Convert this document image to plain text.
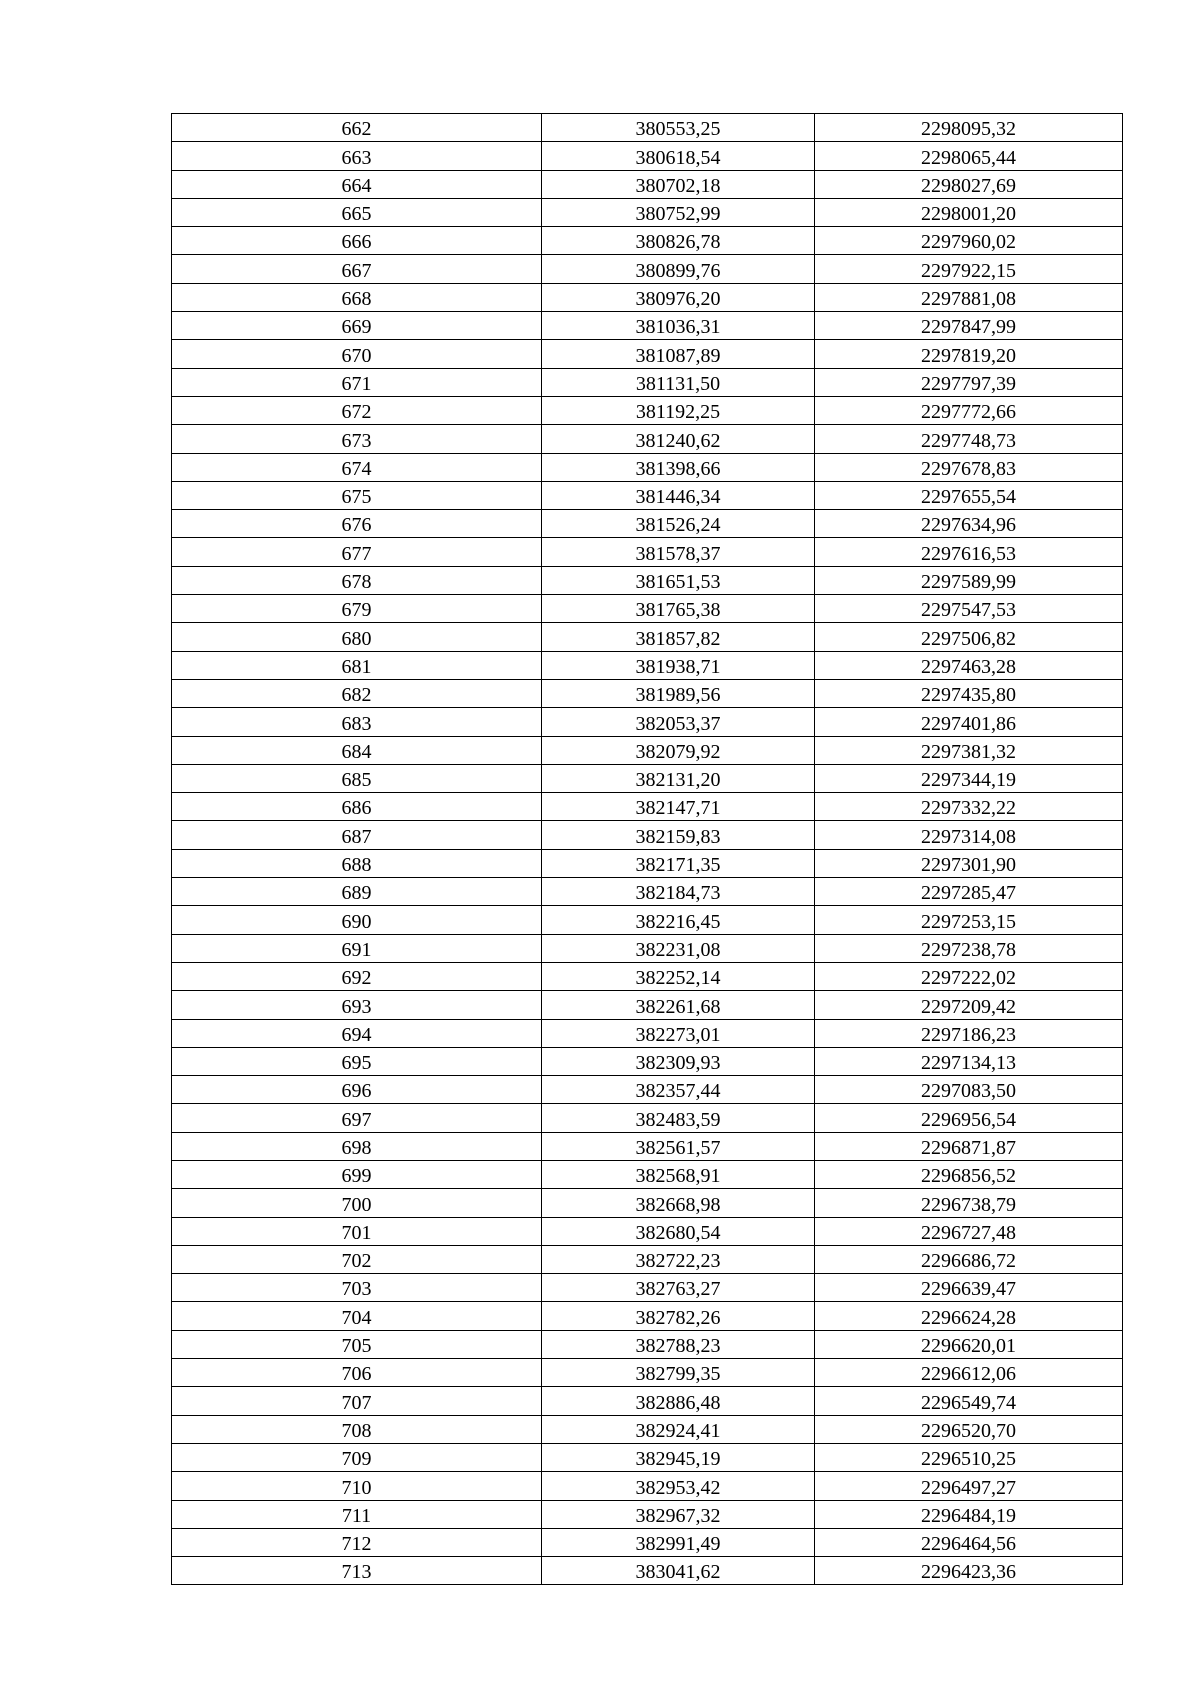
662	380553,25	2298095,32
663	380618,54	2298065,44
664	380702,18	2298027,69
665	380752,99	2298001,20
666	380826,78	2297960,02
667	380899,76	2297922,15
668	380976,20	2297881,08
669	381036,31	2297847,99
670	381087,89	2297819,20
671	381131,50	2297797,39
672	381192,25	2297772,66
673	381240,62	2297748,73
674	381398,66	2297678,83
675	381446,34	2297655,54
676	381526,24	2297634,96
677	381578,37	2297616,53
678	381651,53	2297589,99
679	381765,38	2297547,53
680	381857,82	2297506,82
681	381938,71	2297463,28
682	381989,56	2297435,80
683	382053,37	2297401,86
684	382079,92	2297381,32
685	382131,20	2297344,19
686	382147,71	2297332,22
687	382159,83	2297314,08
688	382171,35	2297301,90
689	382184,73	2297285,47
690	382216,45	2297253,15
691	382231,08	2297238,78
692	382252,14	2297222,02
693	382261,68	2297209,42
694	382273,01	2297186,23
695	382309,93	2297134,13
696	382357,44	2297083,50
697	382483,59	2296956,54
698	382561,57	2296871,87
699	382568,91	2296856,52
700	382668,98	2296738,79
701	382680,54	2296727,48
702	382722,23	2296686,72
703	382763,27	2296639,47
704	382782,26	2296624,28
705	382788,23	2296620,01
706	382799,35	2296612,06
707	382886,48	2296549,74
708	382924,41	2296520,70
709	382945,19	2296510,25
710	382953,42	2296497,27
711	382967,32	2296484,19
712	382991,49	2296464,56
713	383041,62	2296423,36
